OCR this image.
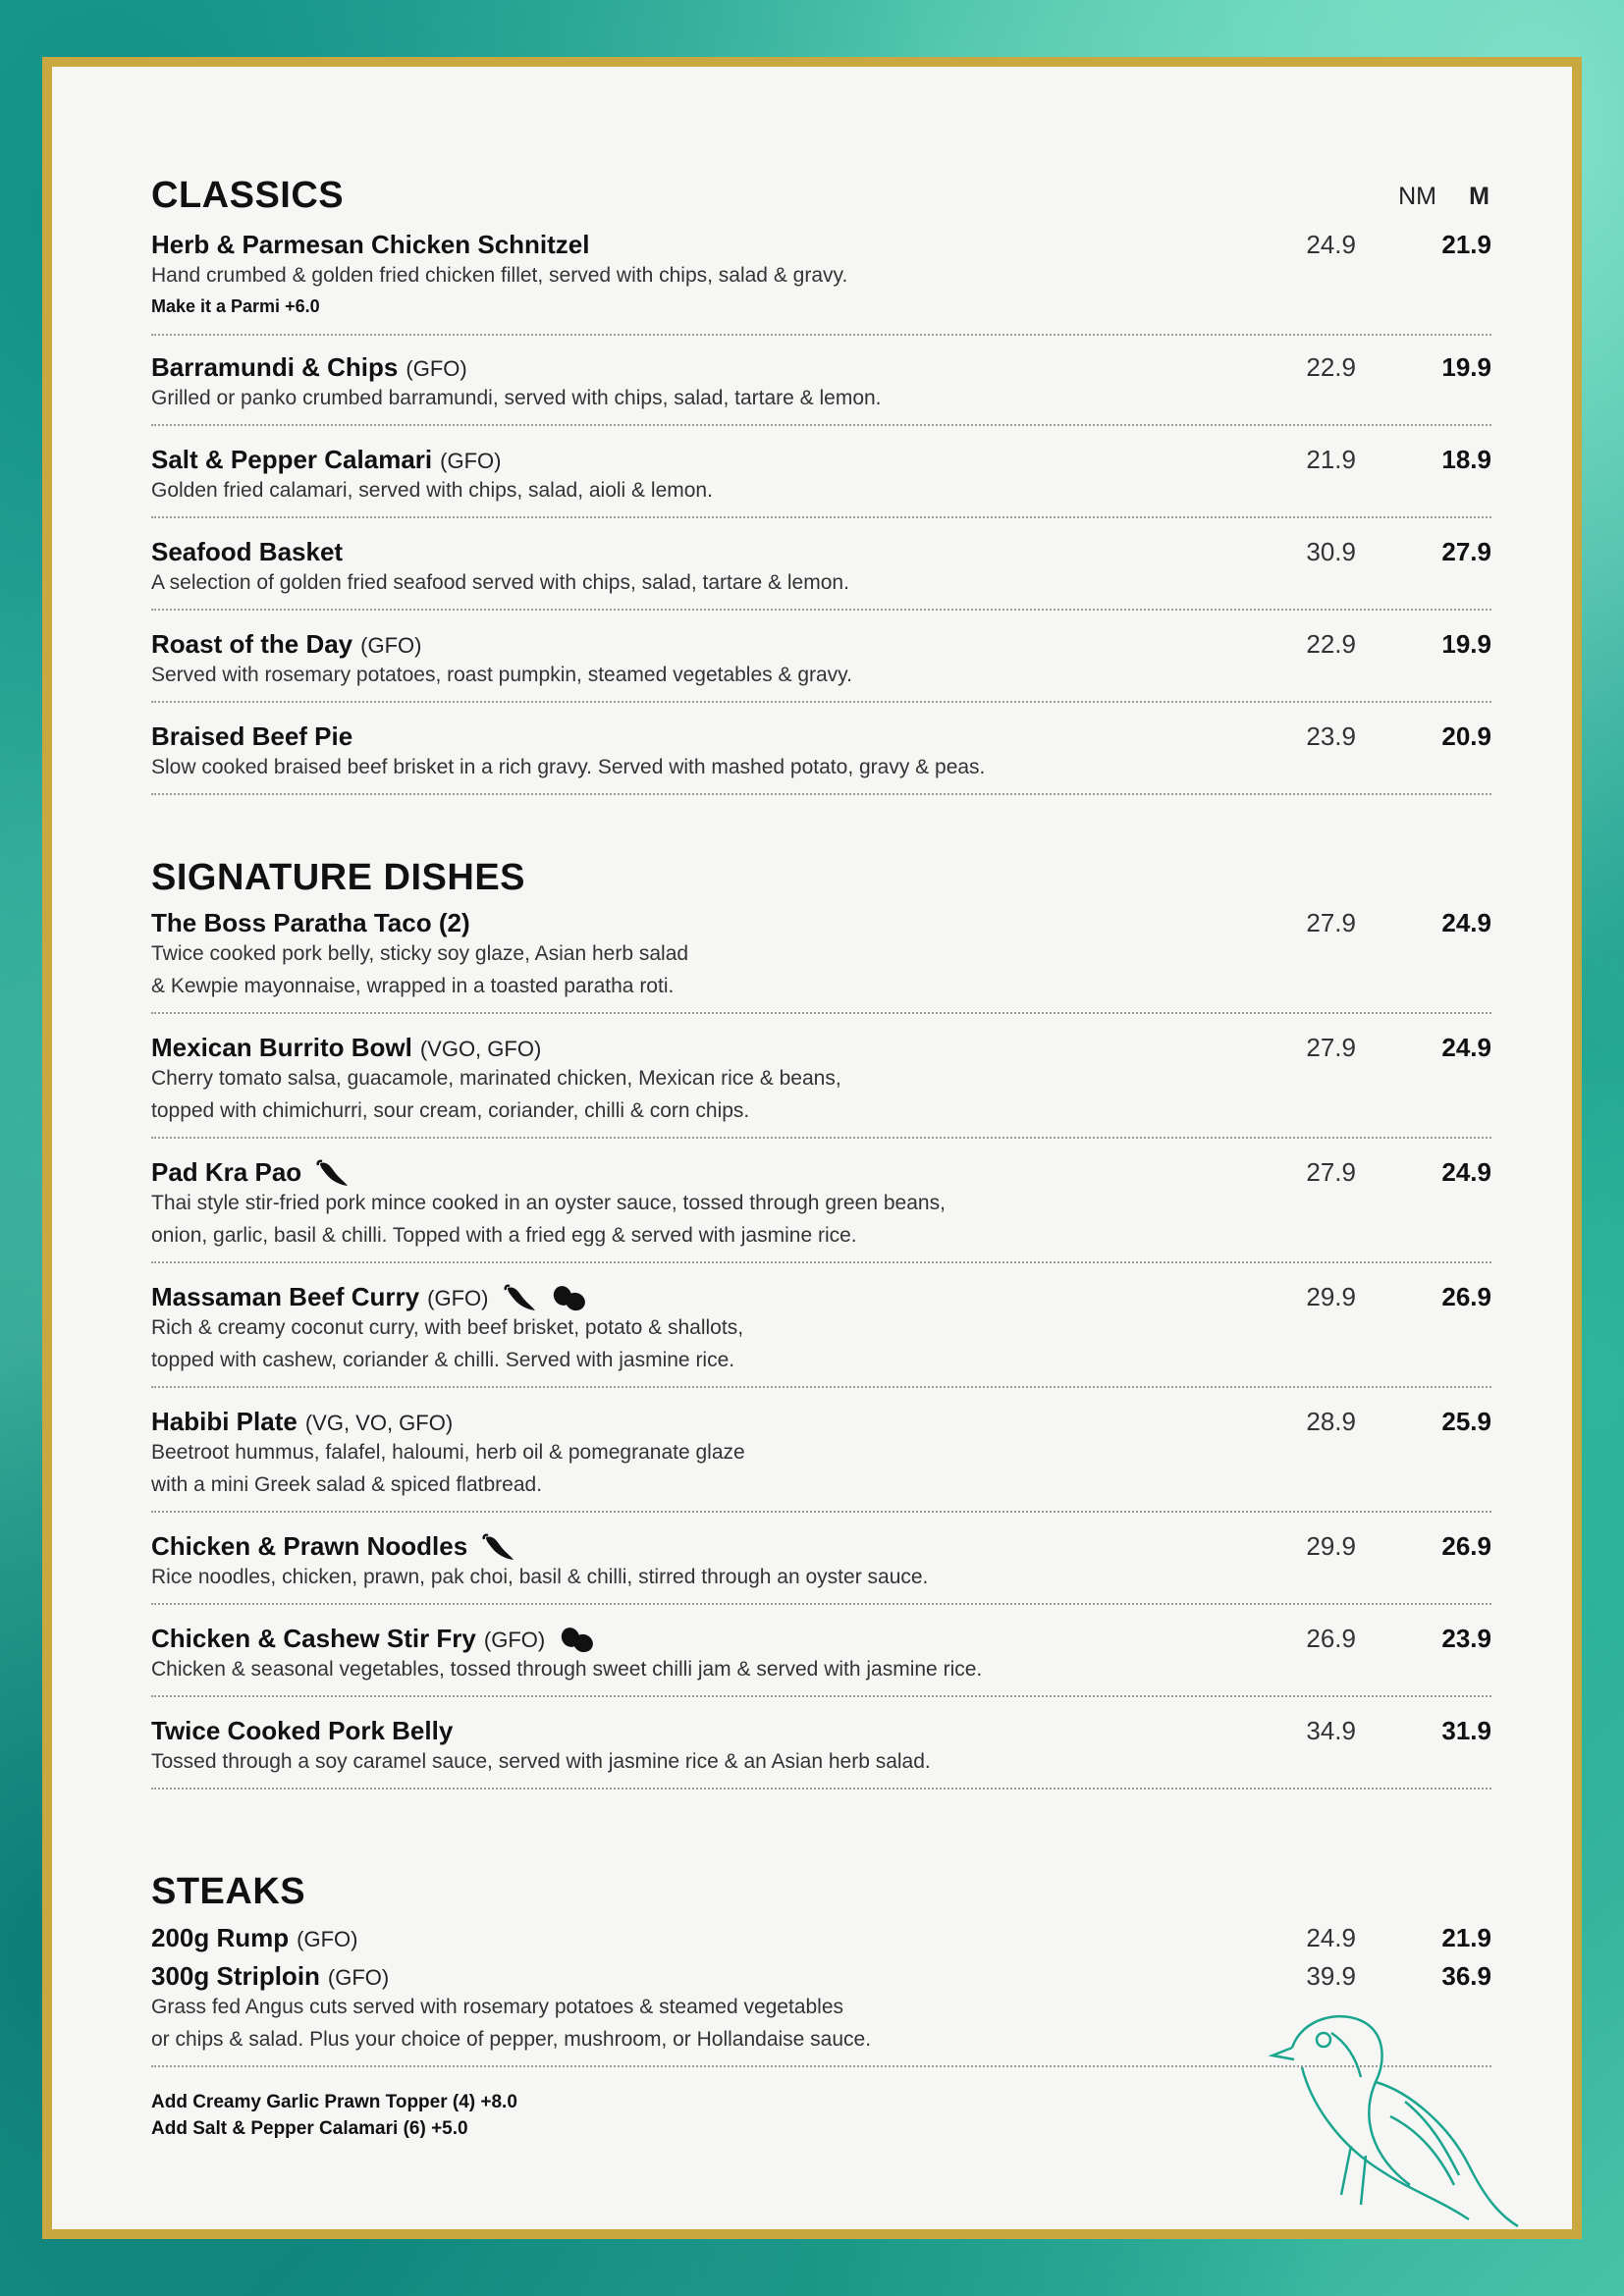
CLASSICS	NM M
Herb & Parmesan Chicken Schnitzel	24.9	21.9
Hand crumbed & golden fried chicken fillet, served with chips, salad & gravy.
Make it a Parmi +6.0
Barramundi & Chips (GFO)	22.9	19.9
Grilled or panko crumbed barramundi, served with chips, salad, tartare & lemon.
Salt & Pepper Calamari (GFO)	21.9	18.9
Golden fried calamari, served with chips, salad, aioli & lemon.
Seafood Basket	30.9	27.9
A selection of golden fried seafood served with chips, salad, tartare & lemon.
Roast of the Day (GFO)	22.9	19.9
Served with rosemary potatoes, roast pumpkin, steamed vegetables & gravy.
Braised Beef Pie	23.9	20.9
Slow cooked braised beef brisket in a rich gravy. Served with mashed potato, gravy & peas.
SIGNATURE DISHES
The Boss Paratha Taco (2)	27.9	24.9
Twice cooked pork belly, sticky soy glaze, Asian herb salad
& Kewpie mayonnaise, wrapped in a toasted paratha roti.
Mexican Burrito Bowl (VGO, GFO)	27.9	24.9
Cherry tomato salsa, guacamole, marinated chicken, Mexican rice & beans,
topped with chimichurri, sour cream, coriander, chilli & corn chips.
Pad Kra Pao	27.9	24.9
Thai style stir-fried pork mince cooked in an oyster sauce, tossed through green beans,
onion, garlic, basil & chilli. Topped with a fried egg & served with jasmine rice.
Massaman Beef Curry (GFO)	29.9	26.9
Rich & creamy coconut curry, with beef brisket, potato & shallots,
topped with cashew, coriander & chilli. Served with jasmine rice.
Habibi Plate (VG, VO, GFO)	28.9	25.9
Beetroot hummus, falafel, haloumi, herb oil & pomegranate glaze
with a mini Greek salad & spiced flatbread.
Chicken & Prawn Noodles	29.9	26.9
Rice noodles, chicken, prawn, pak choi, basil & chilli, stirred through an oyster sauce.
Chicken & Cashew Stir Fry (GFO)	26.9	23.9
Chicken & seasonal vegetables, tossed through sweet chilli jam & served with jasmine rice.
Twice Cooked Pork Belly	34.9	31.9
Tossed through a soy caramel sauce, served with jasmine rice & an Asian herb salad.
STEAKS
200g Rump (GFO)	24.9	21.9
300g Striploin (GFO)	39.9	36.9
Grass fed Angus cuts served with rosemary potatoes & steamed vegetables
or chips & salad. Plus your choice of pepper, mushroom, or Hollandaise sauce.
Add Creamy Garlic Prawn Topper (4) +8.0
Add Salt & Pepper Calamari (6) +5.0
